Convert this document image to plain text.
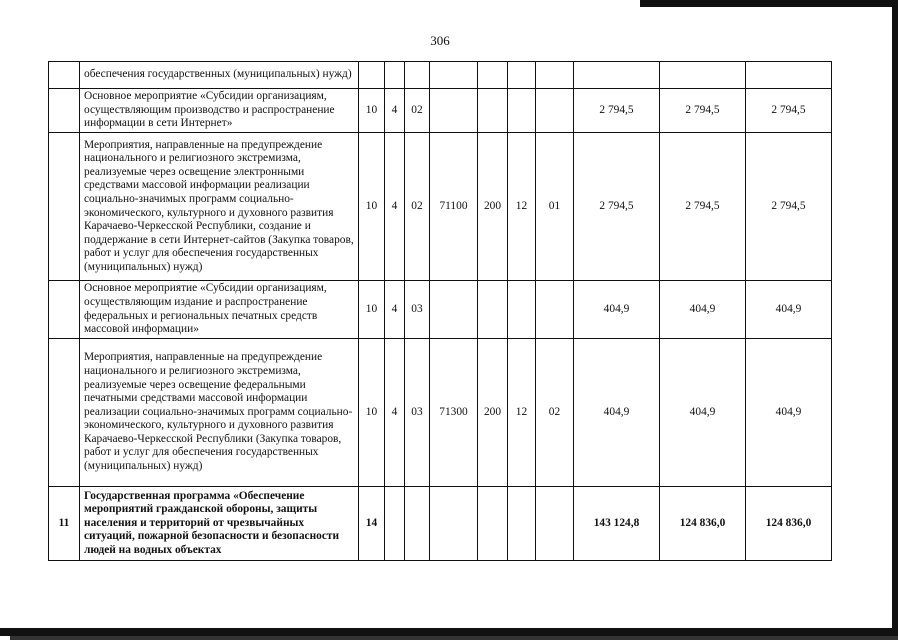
306
	обеспечения государственных (муниципальных) нужд)										
	Основное мероприятие «Субсидии организациям, осуществляющим производство и распространение информации в сети Интернет»	10	4	02					2 794,5	2 794,5	2 794,5
	Мероприятия, направленные на предупреждение национального и религиозного экстремизма, реализуемые через освещение электронными средствами массовой информации реализации социально-значимых программ социально-экономического, культурного и духовного развития Карачаево-Черкесской Республики, создание и поддержание в сети Интернет-сайтов (Закупка товаров, работ и услуг для обеспечения государственных (муниципальных) нужд)	10	4	02	71100	200	12	01	2 794,5	2 794,5	2 794,5
	Основное мероприятие «Субсидии организациям, осуществляющим издание и распространение федеральных и региональных печатных средств массовой информации»	10	4	03					404,9	404,9	404,9
	Мероприятия, направленные на предупреждение национального и религиозного экстремизма, реализуемые через освещение федеральными печатными средствами массовой информации реализации социально-значимых программ социально-экономического, культурного и духовного развития Карачаево-Черкесской Республики (Закупка товаров, работ и услуг для обеспечения государственных (муниципальных) нужд)	10	4	03	71300	200	12	02	404,9	404,9	404,9
11	Государственная программа «Обеспечение мероприятий гражданской обороны, защиты населения и территорий от чрезвычайных ситуаций, пожарной безопасности и безопасности людей на водных объектах	14							143 124,8	124 836,0	124 836,0
